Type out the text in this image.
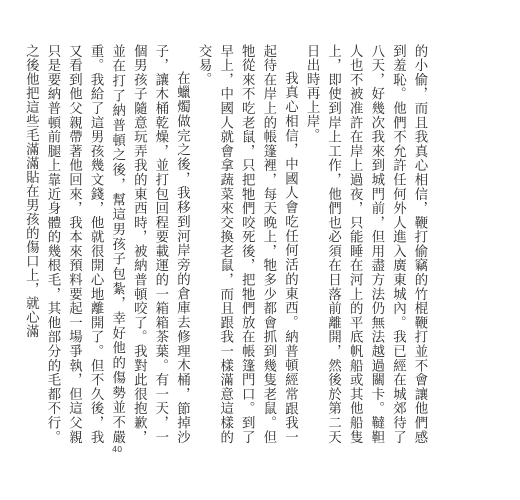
的小偷，而且我真心相信，鞭打偷竊的竹棍鞭打並不會讓他們感到羞恥。他們不允許任何外人進入廣東城內。我已經在城郊待了八天，好幾次我來到城門前，但用盡方法仍無法越過關卡。韃靼人也不被准許在岸上過夜，只能睡在河上的平底帆船或其他船隻上，即使到岸上工作，他們也必須在日落前離開，然後於第二天日出時再上岸。

我真心相信，中國人會吃任何活的東西。納普頓經常跟我一起待在岸上的帳篷裡，每天晚上，牠多少都會抓到幾隻老鼠。但牠從來不吃老鼠，只把牠們咬死後，把牠們放在帳篷門口。到了早上，中國人就會拿蔬菜來交換老鼠，而且跟我一樣滿意這樣的交易。

在蠟燭做完之後，我移到河岸旁的倉庫去修理木桶，節掉沙子，讓木桶乾燥，並打包回程要載運的一箱箱茶葉。有一天，一個男孩子隨意玩弄我的東西時，被納普頓咬了。我對此很抱歉，並在打了納普頓之後，幫這男孩子包紮，幸好他的傷勢並不嚴重。我給了這男孩幾文錢，他就很開心地離開了。但不久後，我又看到他父親帶著他回來，我本來預料要起一場爭執，但這父親只是要納普頓前腿上靠近身體的幾根毛，其他部分的毛都不行。之後他把這些毛滿滿貼在男孩的傷口上，就心滿

40
